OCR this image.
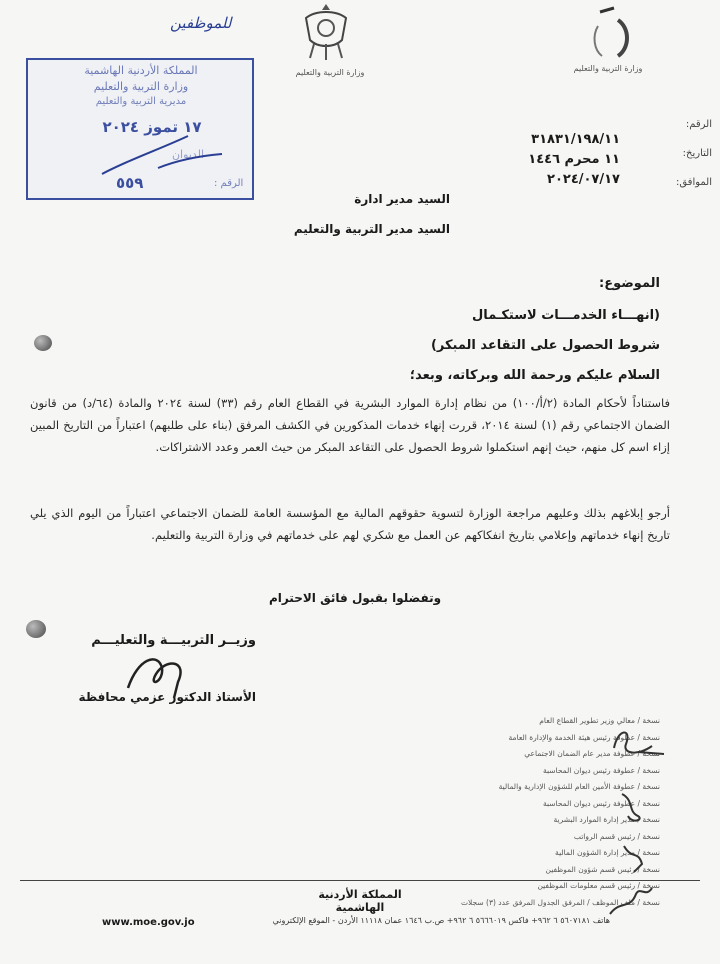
وزارة التربية والتعليم
وزارة التربية والتعليم
الرقم:
التاريخ:
الموافق:
٣١٨٣١/١٩٨/١١
١١ محرم ١٤٤٦
٢٠٢٤/٠٧/١٧
للموظفين
المملكة الأردنية الهاشمية
وزارة التربية والتعليم
مديرية التربية والتعليم
١٧ تموز ٢٠٢٤
الديوان
الرقم :
٥٥٩
السيد مدير ادارة
السيد مدير التربية والتعليم
الموضوع:
(انهـــاء الخدمـــات لاستكـمال
شروط الحصول على التقاعد المبكر)
السلام عليكم ورحمة الله وبركاته، وبعد؛
فاستناداً لأحكام المادة (٢/أ/١٠٠) من نظام إدارة الموارد البشرية في القطاع العام رقم (٣٣) لسنة ٢٠٢٤ والمادة (٦٤/د) من قانون الضمان الاجتماعي رقم (١) لسنة ٢٠١٤، قررت إنهاء خدمات المذكورين في الكشف المرفق (بناء على طلبهم) اعتباراً من التاريخ المبين إزاء اسم كل منهم، حيث إنهم استكملوا شروط الحصول على التقاعد المبكر من حيث العمر وعدد الاشتراكات.
أرجو إبلاغهم بذلك وعليهم مراجعة الوزارة لتسوية حقوقهم المالية مع المؤسسة العامة للضمان الاجتماعي اعتباراً من اليوم الذي يلي تاريخ إنهاء خدماتهم وإعلامي بتاريخ انفكاكهم عن العمل مع شكري لهم على خدماتهم في وزارة التربية والتعليم.
وتفضلوا بقبول فائق الاحترام
وزيــر التربيـــة والتعليـــم
الأستاذ الدكتور عزمي محافظة
نسخة / معالي وزير تطوير القطاع العام
نسخة / عطوفة رئيس هيئة الخدمة والإدارة العامة
نسخة / عطوفة مدير عام الضمان الاجتماعي
نسخة / عطوفة رئيس ديوان المحاسبة
نسخة / عطوفة الأمين العام للشؤون الإدارية والمالية
نسخة / عطوفة رئيس ديوان المحاسبة
نسخة / مدير إدارة الموارد البشرية
نسخة / رئيس قسم الرواتب
نسخة / مدير إدارة الشؤون المالية
نسخة / رئيس قسم شؤون الموظفين
نسخة / رئيس قسم معلومات الموظفين
نسخة / ملف الموظف / المرفق الجدول المرفق عدد (٣) سجلات
المملكة الأردنية الهاشمية
هاتف ٥٦٠٧١٨١ ٦ ٩٦٢+ فاكس ٥٦٦٦٠١٩ ٦ ٩٦٢+ ص.ب ١٦٤٦ عمان ١١١١٨ الأردن - الموقع الإلكتروني
www.moe.gov.jo
